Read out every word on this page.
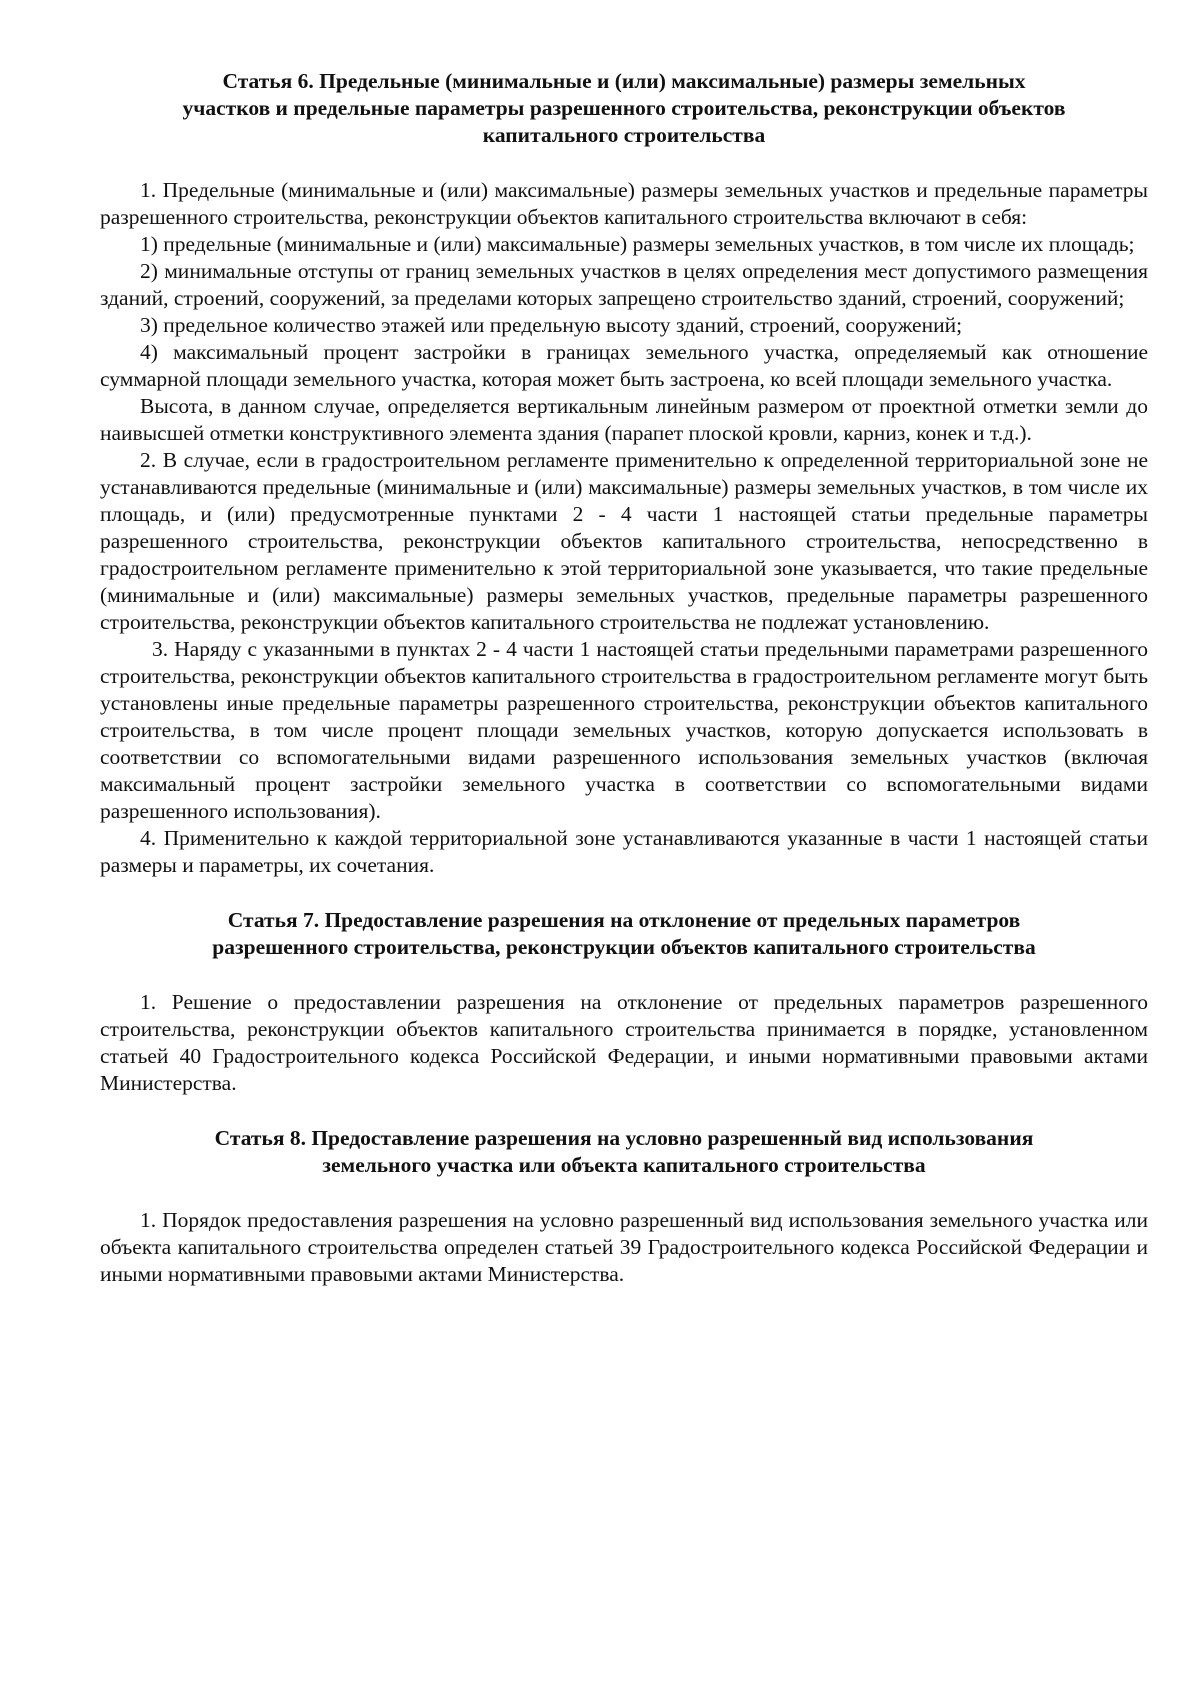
Статья 6. Предельные (минимальные и (или) максимальные) размеры земельных
участков и предельные параметры разрешенного строительства, реконструкции объектов
капитального строительства

1. Предельные (минимальные и (или) максимальные) размеры земельных участков и предельные параметры разрешенного строительства, реконструкции объектов капитального строительства включают в себя:

1) предельные (минимальные и (или) максимальные) размеры земельных участков, в том числе их площадь;

2) минимальные отступы от границ земельных участков в целях определения мест допустимого размещения зданий, строений, сооружений, за пределами которых запрещено строительство зданий, строений, сооружений;

3) предельное количество этажей или предельную высоту зданий, строений, сооружений;

4) максимальный процент застройки в границах земельного участка, определяемый как отношение суммарной площади земельного участка, которая может быть застроена, ко всей площади земельного участка.

Высота, в данном случае, определяется вертикальным линейным размером от проектной отметки земли до наивысшей отметки конструктивного элемента здания (парапет плоской кровли, карниз, конек и т.д.).

2. В случае, если в градостроительном регламенте применительно к определенной территориальной зоне не устанавливаются предельные (минимальные и (или) максимальные) размеры земельных участков, в том числе их площадь, и (или) предусмотренные пунктами 2 - 4 части 1 настоящей статьи предельные параметры разрешенного строительства, реконструкции объектов капитального строительства, непосредственно в градостроительном регламенте применительно к этой территориальной зоне указывается, что такие предельные (минимальные и (или) максимальные) размеры земельных участков, предельные параметры разрешенного строительства, реконструкции объектов капитального строительства не подлежат установлению.

3. Наряду с указанными в пунктах 2 - 4 части 1 настоящей статьи предельными параметрами разрешенного строительства, реконструкции объектов капитального строительства в градостроительном регламенте могут быть установлены иные предельные параметры разрешенного строительства, реконструкции объектов капитального строительства, в том числе процент площади земельных участков, которую допускается использовать в соответствии со вспомогательными видами разрешенного использования земельных участков (включая максимальный процент застройки земельного участка в соответствии со вспомогательными видами разрешенного использования).

4. Применительно к каждой территориальной зоне устанавливаются указанные в части 1 настоящей статьи размеры и параметры, их сочетания.

Статья 7. Предоставление разрешения на отклонение от предельных параметров
разрешенного строительства, реконструкции объектов капитального строительства

1. Решение о предоставлении разрешения на отклонение от предельных параметров разрешенного строительства, реконструкции объектов капитального строительства принимается в порядке, установленном статьей 40 Градостроительного кодекса Российской Федерации, и иными нормативными правовыми актами Министерства.

Статья 8. Предоставление разрешения на условно разрешенный вид использования
земельного участка или объекта капитального строительства

1. Порядок предоставления разрешения на условно разрешенный вид использования земельного участка или объекта капитального строительства определен статьей 39 Градостроительного кодекса Российской Федерации и иными нормативными правовыми актами Министерства.
